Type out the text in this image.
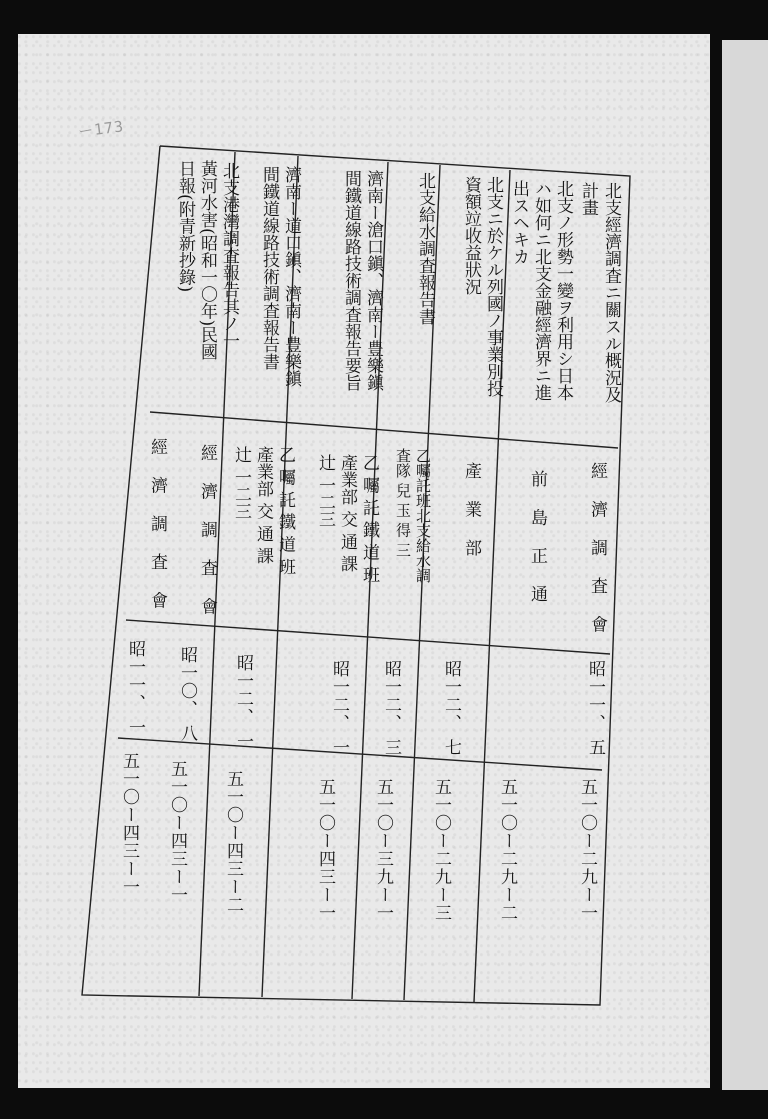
ー173
北支經濟調査ニ關スル概況及
計畫
經 濟 調 査 會
昭一一、 五
五一〇ー二九ー一
北支ノ形勢一變ヲ利用シ日本
ハ如何ニ北支金融經濟界ニ進
出スヘキカ
前 島 正 通
五一〇ー二九ー二
北支ニ於ケル列國ノ事業別投
資額竝收益狀況
產 業 部
昭一二、 七
五一〇ー二九ー三
北支給水調査報告書
乙囑託班北支給水調
査隊 兒 玉 得 三
昭一二、 三
五一〇ー三九ー一
濟南ー滄口鎭、濟南ー豊樂鎭
間鐵道線路技術調査報告要旨
乙 囑 託 鐵 道 班
產業部 交 通 課
辻 一二三
昭一二、 一
五一〇ー四三ー一
濟南ー道口鎭、濟南ー豊樂鎭
間鐵道線路技術調査報告書
乙 囑 託 鐵 道 班
產業部 交 通 課
辻 一二三
昭一二、 一
五一〇ー四三ー二
北支港灣調査報告其ノ一
經 濟 調 査 會
昭一〇、 八
五一〇ー四三ー一
黃河水害(昭和一〇年)民國
日報(附青新抄錄)
經 濟 調 査 會
昭一一、 一
五一〇ー四三ー一
